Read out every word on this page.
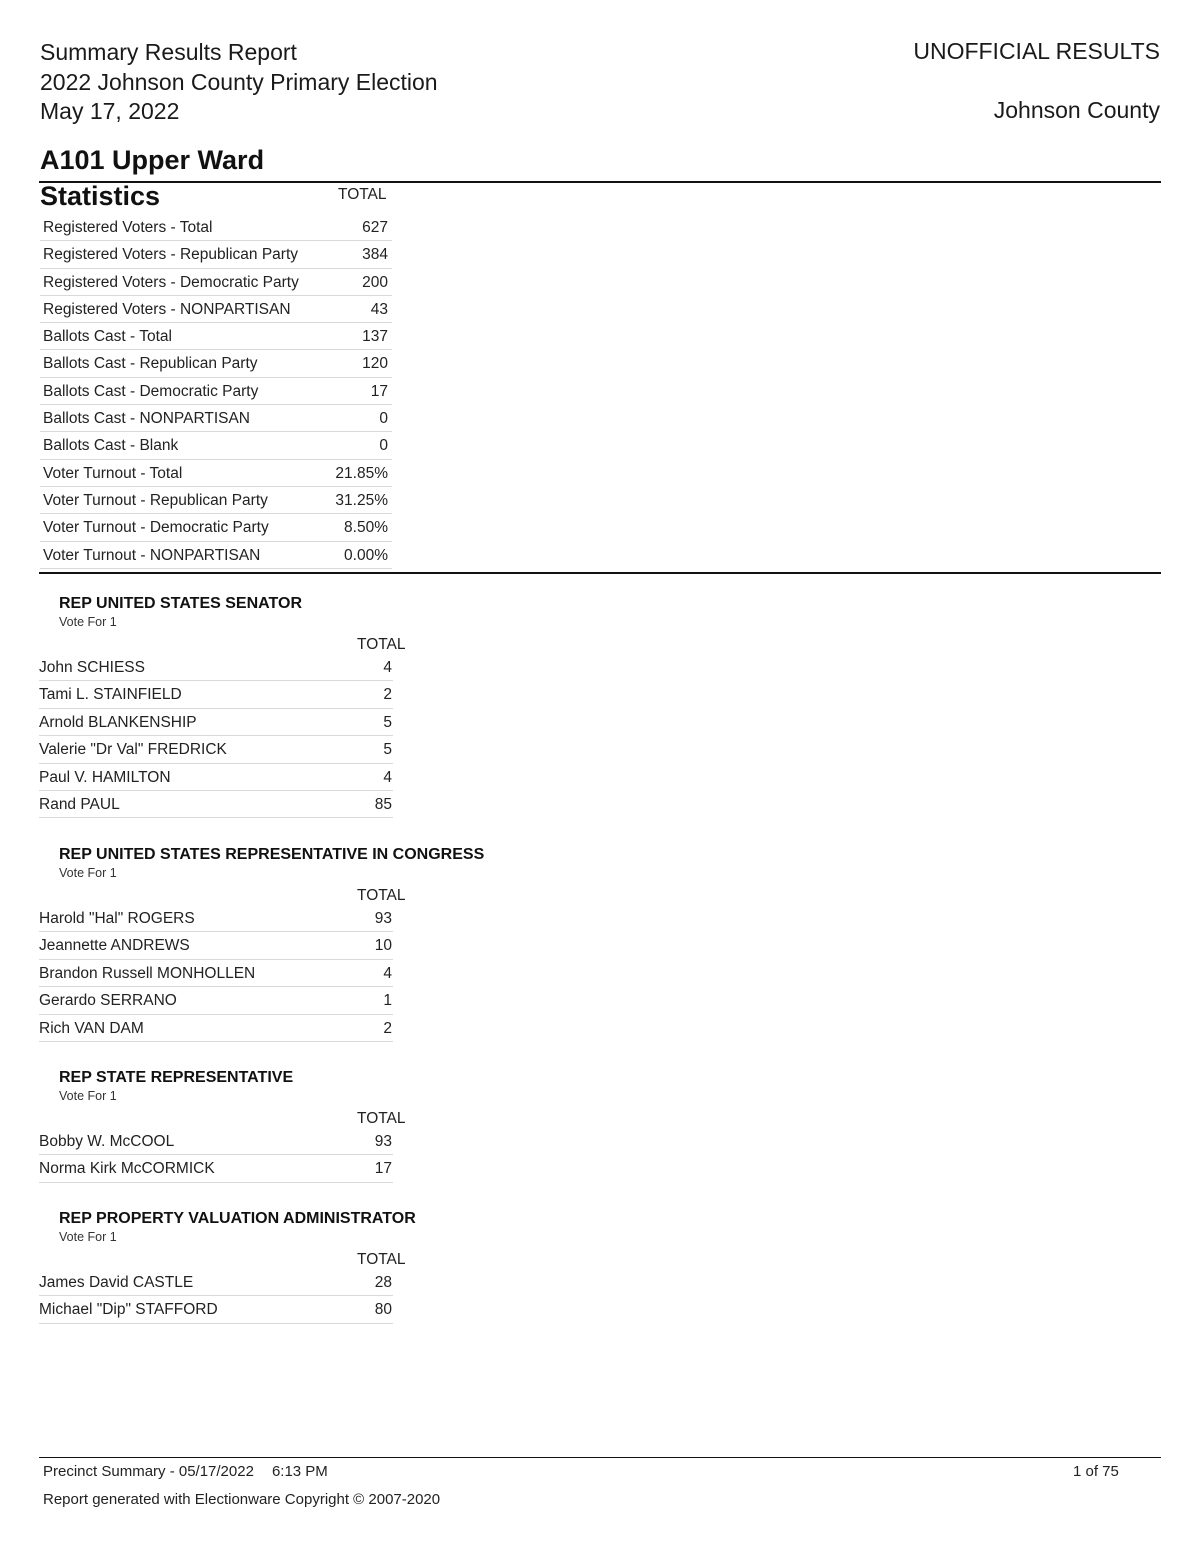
Summary Results Report
2022 Johnson County Primary Election
May 17, 2022
UNOFFICIAL RESULTS
Johnson County
A101 Upper Ward
Statistics	TOTAL
Registered Voters - Total	627
Registered Voters - Republican Party	384
Registered Voters - Democratic Party	200
Registered Voters - NONPARTISAN	43
Ballots Cast - Total	137
Ballots Cast - Republican Party	120
Ballots Cast - Democratic Party	17
Ballots Cast - NONPARTISAN	0
Ballots Cast - Blank	0
Voter Turnout - Total	21.85%
Voter Turnout - Republican Party	31.25%
Voter Turnout - Democratic Party	8.50%
Voter Turnout - NONPARTISAN	0.00%
REP UNITED STATES SENATOR
Vote For 1
TOTAL
John SCHIESS	4
Tami L. STAINFIELD	2
Arnold BLANKENSHIP	5
Valerie "Dr Val" FREDRICK	5
Paul V. HAMILTON	4
Rand PAUL	85
REP UNITED STATES REPRESENTATIVE IN CONGRESS
Vote For 1
TOTAL
Harold "Hal" ROGERS	93
Jeannette ANDREWS	10
Brandon Russell MONHOLLEN	4
Gerardo SERRANO	1
Rich VAN DAM	2
REP STATE REPRESENTATIVE
Vote For 1
TOTAL
Bobby W. McCOOL	93
Norma Kirk McCORMICK	17
REP PROPERTY VALUATION ADMINISTRATOR
Vote For 1
TOTAL
James David CASTLE	28
Michael "Dip" STAFFORD	80
Precinct Summary - 05/17/2022 6:13 PM
Report generated with Electionware Copyright © 2007-2020
1 of 75
